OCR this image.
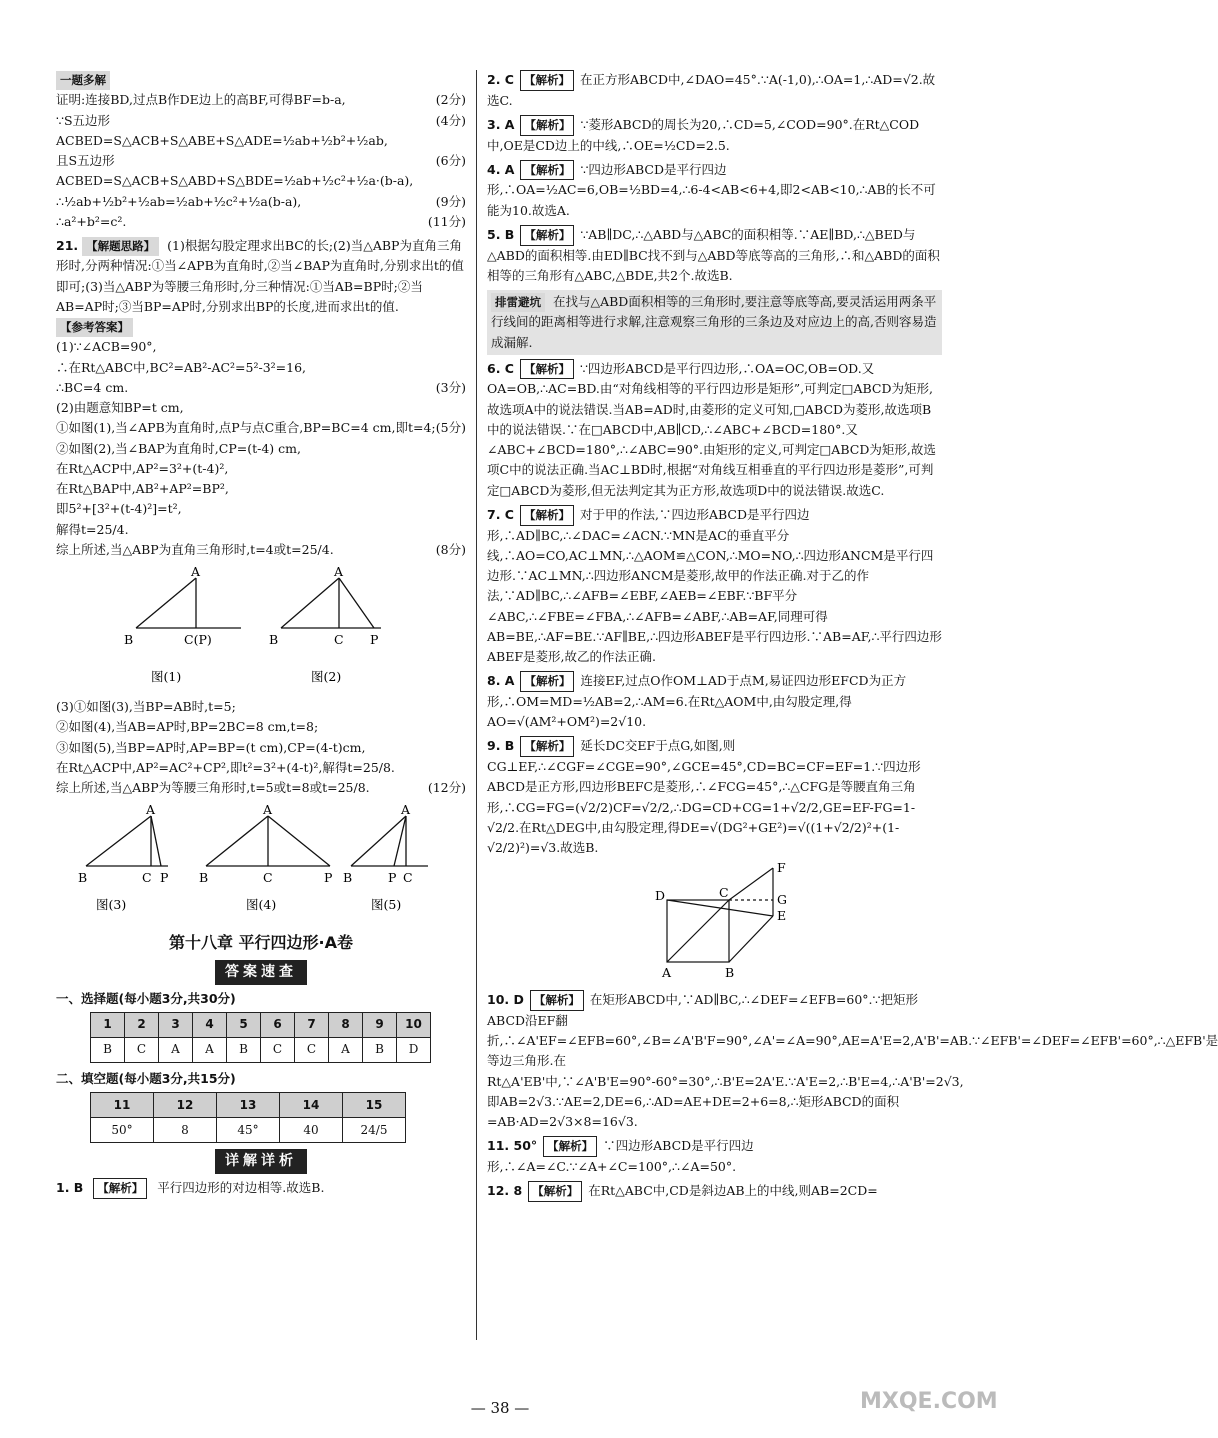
一题多解
证明:连接BD,过点B作DE边上的高BF,可得BF=b-a,	(2分)
∵S五边形ACBED=S△ACB+S△ABE+S△ADE=½ab+½b²+½ab,
(4分)
且S五边形ACBED=S△ACB+S△ABD+S△BDE=½ab+½c²+½a·(b-a),
(6分)
∴½ab+½b²+½ab=½ab+½c²+½a(b-a),	(9分)
∴a²+b²=c².	(11分)
21. 【解题思路】 (1)根据勾股定理求出BC的长;(2)当△ABP为直角三角形时,分两种情况:①当∠APB为直角时,②当∠BAP为直角时,分别求出t的值即可;(3)当△ABP为等腰三角形时,分三种情况:①当AB=BP时;②当AB=AP时;③当BP=AP时,分别求出BP的长度,进而求出t的值.
【参考答案】
(1)∵∠ACB=90°,
∴在Rt△ABC中,BC²=AB²-AC²=5²-3²=16,
∴BC=4 cm.	(3分)
(2)由题意知BP=t cm,
①如图(1),当∠APB为直角时,点P与点C重合,BP=BC=4 cm,即t=4; (5分)
②如图(2),当∠BAP为直角时,CP=(t-4) cm,
在Rt△ACP中,AP²=3²+(t-4)²,
在Rt△BAP中,AB²+AP²=BP²,
即5²+[3²+(t-4)²]=t²,
解得t=25/4.
综上所述,当△ABP为直角三角形时,t=4或t=25/4.	(8分)
A
B	C(P)
A
B	C P
图(1)	图(2)
(3)①如图(3),当BP=AB时,t=5;
②如图(4),当AB=AP时,BP=2BC=8 cm,t=8;
③如图(5),当BP=AP时,AP=BP=(t cm),CP=(4-t)cm,
在Rt△ACP中,AP²=AC²+CP²,即t²=3²+(4-t)²,解得t=25/8.
综上所述,当△ABP为等腰三角形时,t=5或t=8或t=25/8.	(12分)
A
B	C P
A
B	C	P
A
B	P C
图(3)	图(4)	图(5)
第十八章 平行四边形·A卷
答案速查
一、选择题(每小题3分,共30分)
1	2	3	4	5	6	7	8	9	10
B	C	A	A	B	C	C	A	B	D
二、填空题(每小题3分,共15分)
11	12	13	14	15
50°	8	45°	40	24/5
详解详析

1. B 【解析】 平行四边形的对边相等.故选B.

2. C 【解析】 在正方形ABCD中,∠DAO=45°.∵A(-1,0),∴OA=1,∴AD=√2.故选C.

3. A 【解析】 ∵菱形ABCD的周长为20,∴CD=5,∠COD=90°.在Rt△COD中,OE是CD边上的中线,∴OE=½CD=2.5.

4. A 【解析】 ∵四边形ABCD是平行四边形,∴OA=½AC=6,OB=½BD=4,∴6-4<AB<6+4,即2<AB<10,∴AB的长不可能为10.故选A.

5. B 【解析】 ∵AB∥DC,∴△ABD与△ABC的面积相等.∵AE∥BD,∴△BED与△ABD的面积相等.由ED∥BC找不到与△ABD等底等高的三角形,∴和△ABD的面积相等的三角形有△ABC,△BDE,共2个.故选B.

排雷避坑 在找与△ABD面积相等的三角形时,要注意等底等高,要灵活运用两条平行线间的距离相等进行求解,注意观察三角形的三条边及对应边上的高,否则容易造成漏解.

6. C 【解析】 ∵四边形ABCD是平行四边形,∴OA=OC,OB=OD.又OA=OB,∴AC=BD.由“对角线相等的平行四边形是矩形”,可判定□ABCD为矩形,故选项A中的说法错误.当AB=AD时,由菱形的定义可知,□ABCD为菱形,故选项B中的说法错误.∵在□ABCD中,AB∥CD,∴∠ABC+∠BCD=180°.又∠ABC+∠BCD=180°,∴∠ABC=90°.由矩形的定义,可判定□ABCD为矩形,故选项C中的说法正确.当AC⊥BD时,根据“对角线互相垂直的平行四边形是菱形”,可判定□ABCD为菱形,但无法判定其为正方形,故选项D中的说法错误.故选C.

7. C 【解析】 对于甲的作法,∵四边形ABCD是平行四边形,∴AD∥BC,∴∠DAC=∠ACN.∵MN是AC的垂直平分线,∴AO=CO,AC⊥MN,∴△AOM≌△CON,∴MO=NO,∴四边形ANCM是平行四边形.∵AC⊥MN,∴四边形ANCM是菱形,故甲的作法正确.对于乙的作法,∵AD∥BC,∴∠AFB=∠EBF,∠AEB=∠EBF.∵BF平分∠ABC,∴∠FBE=∠FBA,∴∠AFB=∠ABF,∴AB=AF,同理可得AB=BE,∴AF=BE.∵AF∥BE,∴四边形ABEF是平行四边形.∵AB=AF,∴平行四边形ABEF是菱形,故乙的作法正确.

8. A 【解析】 连接EF,过点O作OM⊥AD于点M,易证四边形EFCD为正方形,∴OM=MD=½AB=2,∴AM=6.在Rt△AOM中,由勾股定理,得AO=√(AM²+OM²)=2√10.

9. B 【解析】 延长DC交EF于点G,如图,则CG⊥EF,∴∠CGF=∠CGE=90°,∠GCE=45°,CD=BC=CF=EF=1.∵四边形ABCD是正方形,四边形BEFC是菱形,∴∠FCG=45°,∴△CFG是等腰直角三角形,∴CG=FG=(√2/2)CF=√2/2,∴DG=CD+CG=1+√2/2,GE=EF-FG=1-√2/2.在Rt△DEG中,由勾股定理,得DE=√(DG²+GE²)=√((1+√2/2)²+(1-√2/2)²)=√3.故选B.

D	C
F
G
E
A	B

10. D 【解析】 在矩形ABCD中,∵AD∥BC,∴∠DEF=∠EFB=60°.∵把矩形ABCD沿EF翻折,∴∠A'EF=∠EFB=60°,∠B=∠A'B'F=90°,∠A'=∠A=90°,AE=A'E=2,A'B'=AB.∵∠EFB'=∠DEF=∠EFB'=60°,∴△EFB'是等边三角形.在Rt△A'EB'中,∵∠A'B'E=90°-60°=30°,∴B'E=2A'E.∵A'E=2,∴B'E=4,∴A'B'=2√3,即AB=2√3.∵AE=2,DE=6,∴AD=AE+DE=2+6=8,∴矩形ABCD的面积=AB·AD=2√3×8=16√3.

11. 50° 【解析】 ∵四边形ABCD是平行四边形,∴∠A=∠C.∵∠A+∠C=100°,∴∠A=50°.

12. 8 【解析】 在Rt△ABC中,CD是斜边AB上的中线,则AB=2CD=

— 38 —	MXQE.COM
